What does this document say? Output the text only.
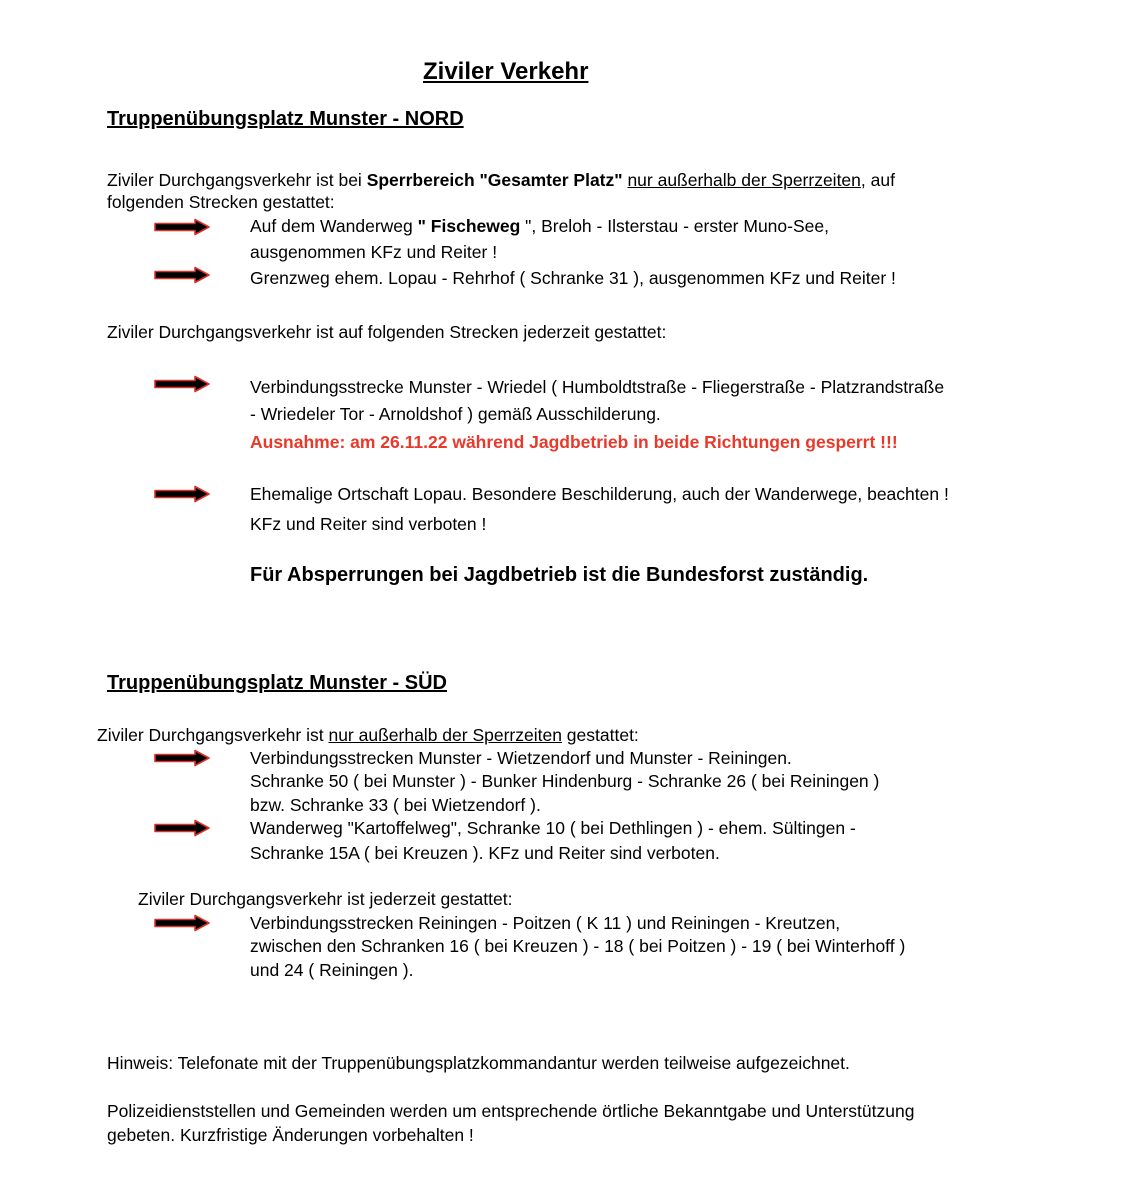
Ziviler Verkehr
Truppenübungsplatz Munster - NORD
Ziviler Durchgangsverkehr ist bei Sperrbereich "Gesamter Platz" nur außerhalb der Sperrzeiten, auf
folgenden Strecken gestattet:
Auf dem Wanderweg " Fischeweg ", Breloh - Ilsterstau - erster Muno-See,
ausgenommen KFz und Reiter !
Grenzweg ehem. Lopau - Rehrhof ( Schranke 31 ), ausgenommen KFz und Reiter !
Ziviler Durchgangsverkehr ist auf folgenden Strecken jederzeit gestattet:
Verbindungsstrecke Munster - Wriedel ( Humboldtstraße - Fliegerstraße - Platzrandstraße
- Wriedeler Tor - Arnoldshof ) gemäß Ausschilderung.
Ausnahme: am 26.11.22 während Jagdbetrieb in beide Richtungen gesperrt !!!
Ehemalige Ortschaft Lopau. Besondere Beschilderung, auch der Wanderwege, beachten !
KFz und Reiter sind verboten !
Für Absperrungen bei Jagdbetrieb ist die Bundesforst zuständig.
Truppenübungsplatz Munster - SÜD
Ziviler Durchgangsverkehr ist nur außerhalb der Sperrzeiten gestattet:
Verbindungsstrecken Munster - Wietzendorf und Munster - Reiningen.
Schranke 50 ( bei Munster ) - Bunker Hindenburg - Schranke 26 ( bei Reiningen )
bzw. Schranke 33 ( bei Wietzendorf ).
Wanderweg "Kartoffelweg", Schranke 10 ( bei Dethlingen ) - ehem. Sültingen -
Schranke 15A ( bei Kreuzen ). KFz und Reiter sind verboten.
Ziviler Durchgangsverkehr ist jederzeit gestattet:
Verbindungsstrecken Reiningen - Poitzen ( K 11 ) und Reiningen - Kreutzen,
zwischen den Schranken 16 ( bei Kreuzen ) - 18 ( bei Poitzen ) - 19 ( bei Winterhoff )
und 24 ( Reiningen ).
Hinweis: Telefonate mit der Truppenübungsplatzkommandantur werden teilweise aufgezeichnet.
Polizeidienststellen und Gemeinden werden um entsprechende örtliche Bekanntgabe und Unterstützung
gebeten. Kurzfristige Änderungen vorbehalten !
